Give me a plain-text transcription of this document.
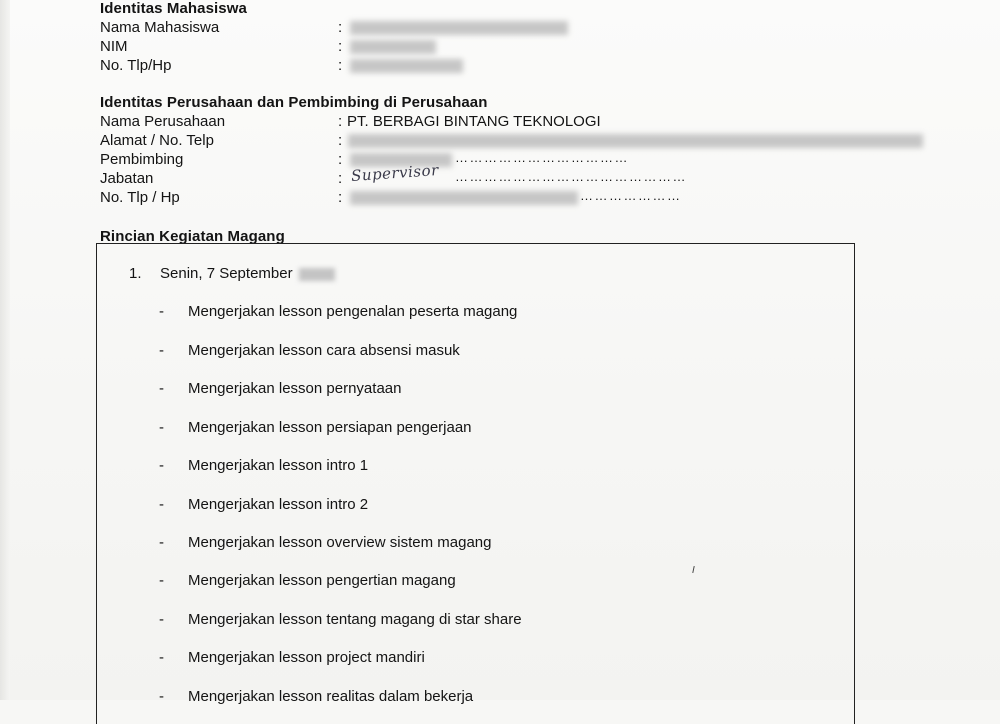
Identitas Mahasiswa
Nama Mahasiswa	:
NIM	:
No. Tlp/Hp	:
Identitas Perusahaan dan Pembimbing di Perusahaan
Nama Perusahaan	: PT. BERBAGI BINTANG TEKNOLOGI
Alamat / No. Telp	:
Pembimbing	:	………………………………
Jabatan	: Supervisor …………………………………………
No. Tlp / Hp	:	…………………
Rincian Kegiatan Magang
1. Senin, 7 September
- Mengerjakan lesson pengenalan peserta magang
- Mengerjakan lesson cara absensi masuk
- Mengerjakan lesson pernyataan
- Mengerjakan lesson persiapan pengerjaan
- Mengerjakan lesson intro 1
- Mengerjakan lesson intro 2
- Mengerjakan lesson overview sistem magang
- Mengerjakan lesson pengertian magang
- Mengerjakan lesson tentang magang di star share
- Mengerjakan lesson project mandiri
- Mengerjakan lesson realitas dalam bekerja
